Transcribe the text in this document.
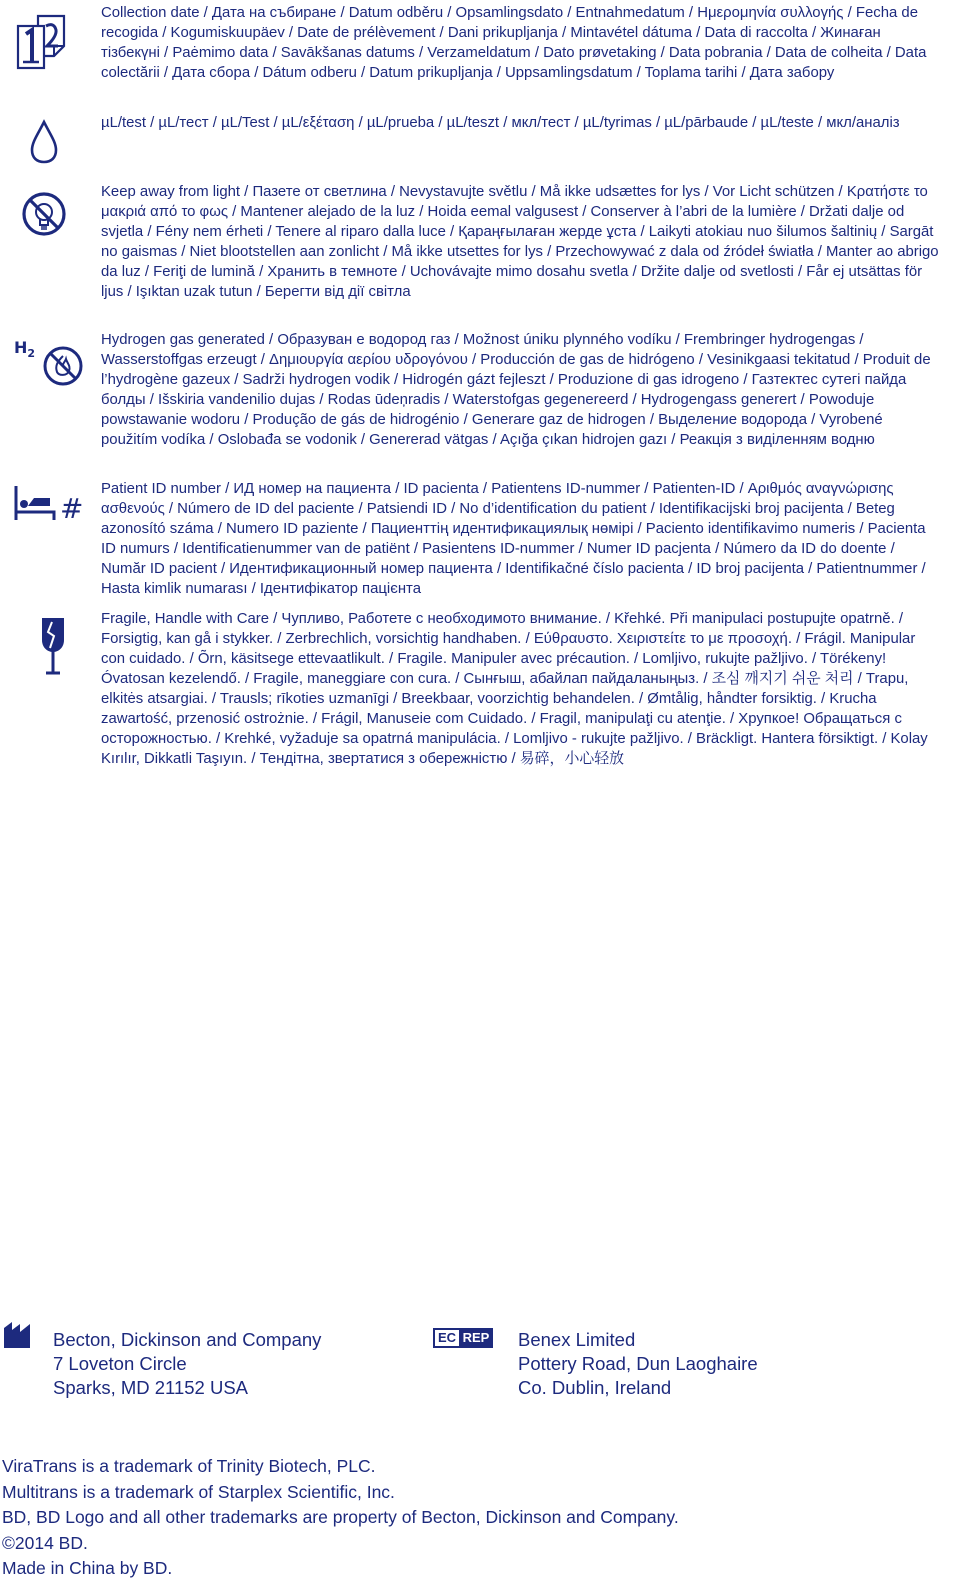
Collection date / Дата на събиране / Datum odběru / Opsamlingsdato / Entnahmedatum / Ημερομηνία συλλογής / Fecha de recogida / Kogumiskuupäev / Date de prélèvement / Dani prikupljanja / Mintavétel dátuma / Data di raccolta / Жинаған тізбекүні / Paėmimo data / Savākšanas datums / Verzameldatum / Dato prøvetaking / Data pobrania / Data de colheita / Data colectării / Дата сбора / Dátum odberu / Datum prikupljanja / Uppsamlingsdatum / Toplama tarihi / Дата забору

µL/test / µL/тест / µL/Test / µL/εξέταση / µL/prueba / µL/teszt / мкл/тест / µL/tyrimas / µL/pārbaude / µL/teste / мкл/аналіз

Keep away from light / Пазете от светлина / Nevystavujte světlu / Må ikke udsættes for lys / Vor Licht schützen / Κρατήστε το μακριά από το φως / Mantener alejado de la luz / Hoida eemal valgusest / Conserver à l’abri de la lumière / Držati dalje od svjetla / Fény nem érheti / Tenere al riparo dalla luce / Қараңғылаған жерде ұста / Laikyti atokiau nuo šilumos šaltinių / Sargāt no gaismas / Niet blootstellen aan zonlicht / Må ikke utsettes for lys / Przechowywać z dala od źródeł światła / Manter ao abrigo da luz / Feriţi de lumină / Хранить в темноте / Uchovávajte mimo dosahu svetla / Držite dalje od svetlosti / Får ej utsättas för ljus / Işıktan uzak tutun / Берегти від дії світла

$H_2$

Hydrogen gas generated / Образуван е водород газ / Možnost úniku plynného vodíku / Frembringer hydrogengas / Wasserstoffgas erzeugt / Δημιουργία αερίου υδρογόνου / Producción de gas de hidrógeno / Vesinikgaasi tekitatud / Produit de l’hydrogène gazeux / Sadrži hydrogen vodik / Hidrogén gázt fejleszt / Produzione di gas idrogeno / Газтектес сутегі пайда болды / Išskiria vandenilio dujas / Rodas ūdeņradis / Waterstofgas gegenereerd / Hydrogengass generert / Powoduje powstawanie wodoru / Produção de gás de hidrogénio / Generare gaz de hidrogen / Выделение водорода / Vyrobené použitím vodíka / Oslobađa se vodonik / Genererad vätgas / Açığa çıkan hidrojen gazı / Реакція з виділенням водню

#

Patient ID number / ИД номер на пациента / ID pacienta / Patientens ID-nummer / Patienten-ID / Αριθμός αναγνώρισης ασθενούς / Número de ID del paciente / Patsiendi ID / No d’identification du patient / Identifikacijski broj pacijenta / Beteg azonosító száma / Numero ID paziente / Пациенттің идентификациялық нөмірі / Paciento identifikavimo numeris / Pacienta ID numurs / Identificatienummer van de patiënt / Pasientens ID-nummer / Numer ID pacjenta / Número da ID do doente / Număr ID pacient / Идентификационный номер пациента / Identifikačné číslo pacienta / ID broj pacijenta / Patientnummer / Hasta kimlik numarası / Ідентифікатор пацієнта

Fragile, Handle with Care / Чупливо, Работете с необходимото внимание. / Křehké. Při manipulaci postupujte opatrně. / Forsigtig, kan gå i stykker. / Zerbrechlich, vorsichtig handhaben. / Εύθραυστο. Χειριστείτε το με προσοχή. / Frágil. Manipular con cuidado. / Õrn, käsitsege ettevaatlikult. / Fragile. Manipuler avec précaution. / Lomljivo, rukujte pažljivo. / Törékeny! Óvatosan kezelendő. / Fragile, maneggiare con cura. / Сынғыш, абайлап пайдаланыңыз. / 조심 깨지기 쉬운 처리 / Trapu, elkitės atsargiai. / Trausls; rīkoties uzmanīgi / Breekbaar, voorzichtig behandelen. / Ømtålig, håndter forsiktig. / Krucha zawartość, przenosić ostrożnie. / Frágil, Manuseie com Cuidado. / Fragil, manipulaţi cu atenţie. / Хрупкое! Обращаться с осторожностью. / Krehké, vyžaduje sa opatrná manipulácia. / Lomljivo - rukujte pažljivo. / Bräckligt. Hantera försiktigt. / Kolay Kırılır, Dikkatli Taşıyın. / Тендітна, звертатися з обережністю / 易碎，小心轻放

Becton, Dickinson and Company
7 Loveton Circle
Sparks, MD 21152 USA
EC REP Benex Limited
Pottery Road, Dun Laoghaire
Co. Dublin, Ireland
ViraTrans is a trademark of Trinity Biotech, PLC.
Multitrans is a trademark of Starplex Scientific, Inc.
BD, BD Logo and all other trademarks are property of Becton, Dickinson and Company.
©2014 BD.
Made in China by BD.
